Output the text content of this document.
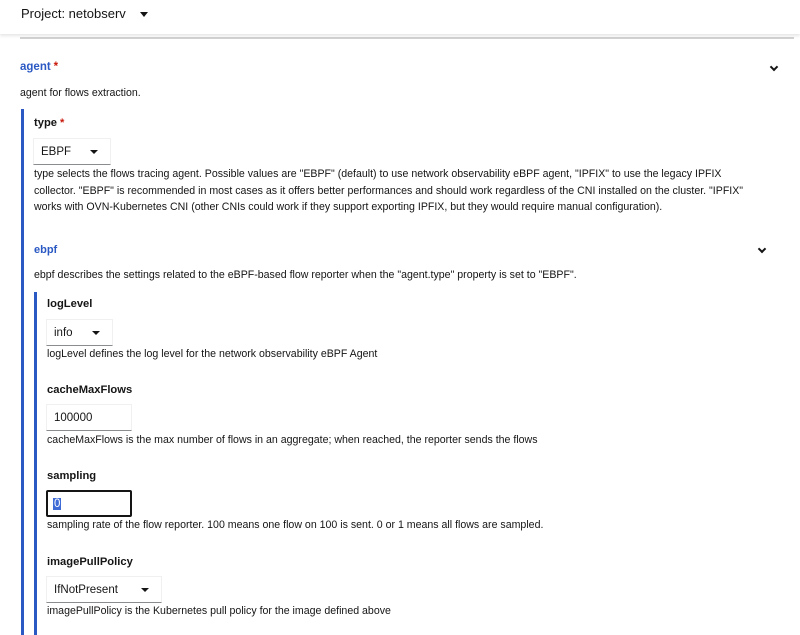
Project: netobserv
agent *
agent for flows extraction.
type *
EBPF
type selects the flows tracing agent. Possible values are "EBPF" (default) to use network observability eBPF agent, "IPFIX" to use the legacy IPFIX
collector. "EBPF" is recommended in most cases as it offers better performances and should work regardless of the CNI installed on the cluster. "IPFIX"
works with OVN-Kubernetes CNI (other CNIs could work if they support exporting IPFIX, but they would require manual configuration).
ebpf
ebpf describes the settings related to the eBPF-based flow reporter when the "agent.type" property is set to "EBPF".
logLevel
info
logLevel defines the log level for the network observability eBPF Agent
cacheMaxFlows
100000
cacheMaxFlows is the max number of flows in an aggregate; when reached, the reporter sends the flows
sampling
0
sampling rate of the flow reporter. 100 means one flow on 100 is sent. 0 or 1 means all flows are sampled.
imagePullPolicy
IfNotPresent
imagePullPolicy is the Kubernetes pull policy for the image defined above
